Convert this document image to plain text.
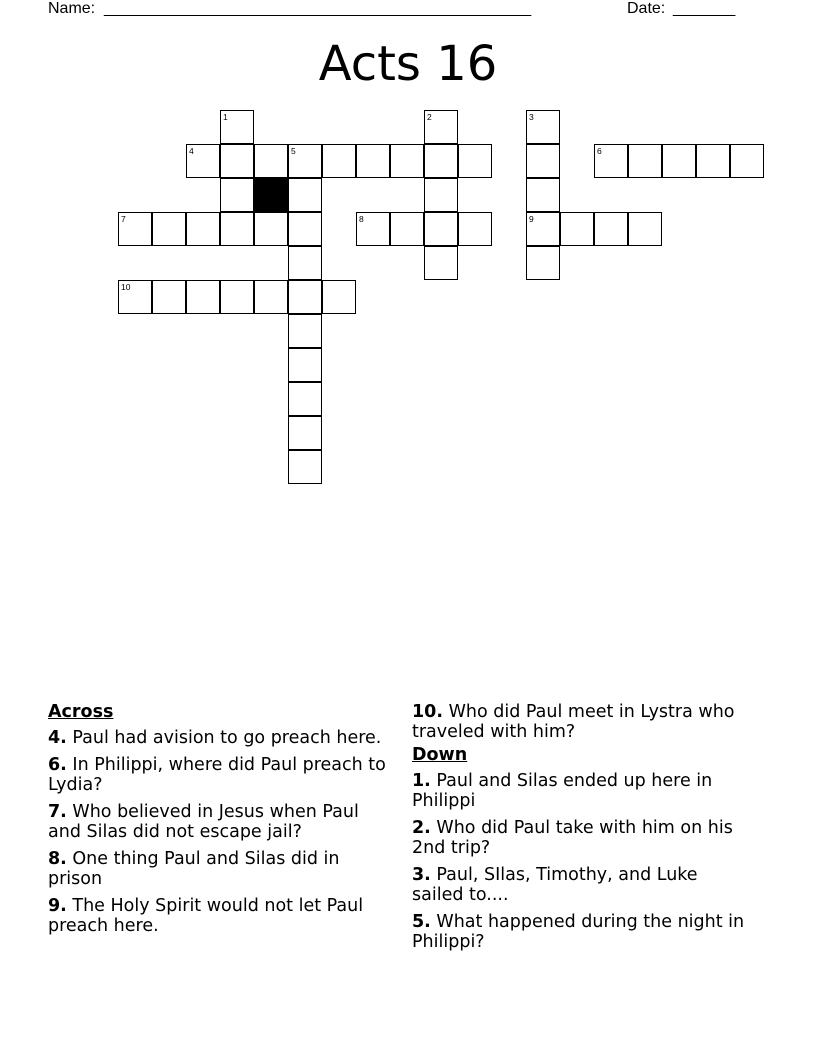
Name: ________________________________________________	Date: _______
Acts 16
4	5	6
7	8	9
10
1	2	3
Across
4. Paul had avision to go preach here.
6. In Philippi, where did Paul preach to Lydia?
7. Who believed in Jesus when Paul and Silas did not escape jail?
8. One thing Paul and Silas did in prison
9. The Holy Spirit would not let Paul preach here.
10. Who did Paul meet in Lystra who traveled with him?
Down
1. Paul and Silas ended up here in Philippi
2. Who did Paul take with him on his 2nd trip?
3. Paul, SIlas, Timothy, and Luke sailed to....
5. What happened during the night in Philippi?
